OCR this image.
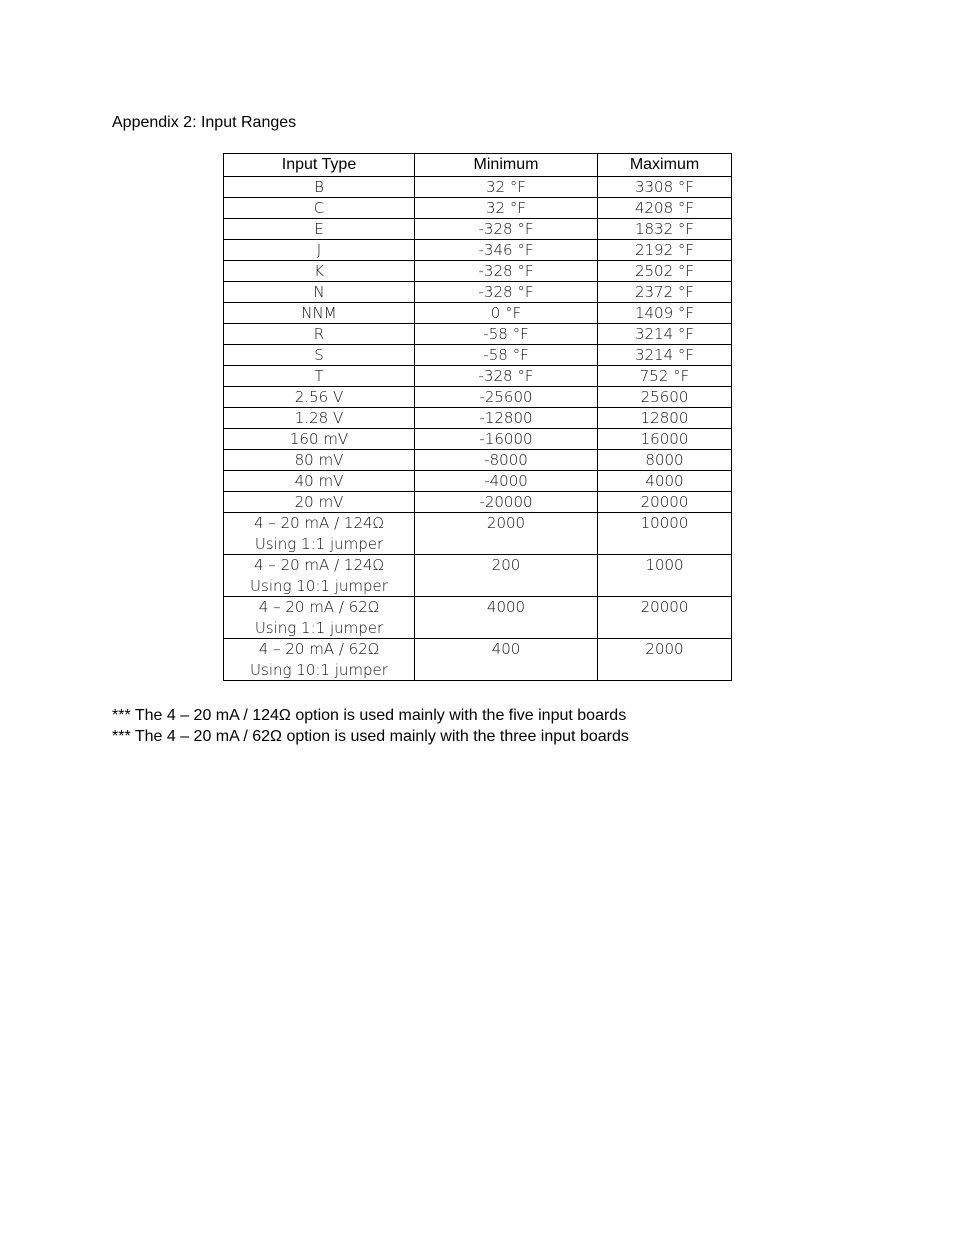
Appendix 2: Input Ranges
Input Type	Minimum	Maximum
B	32 °F	3308 °F
C	32 °F	4208 °F
E	-328 °F	1832 °F
J	-346 °F	2192 °F
K	-328 °F	2502 °F
N	-328 °F	2372 °F
NNM	0 °F	1409 °F
R	-58 °F	3214 °F
S	-58 °F	3214 °F
T	-328 °F	752 °F
2.56 V	-25600	25600
1.28 V	-12800	12800
160 mV	-16000	16000
80 mV	-8000	8000
40 mV	-4000	4000
20 mV	-20000	20000
4 – 20 mA / 124Ω
Using 1:1 jumper	2000	10000
4 – 20 mA / 124Ω
Using 10:1 jumper	200	1000
4 – 20 mA / 62Ω
Using 1:1 jumper	4000	20000
4 – 20 mA / 62Ω
Using 10:1 jumper	400	2000
*** The 4 – 20 mA / 124Ω option is used mainly with the five input boards
*** The 4 – 20 mA / 62Ω option is used mainly with the three input boards
